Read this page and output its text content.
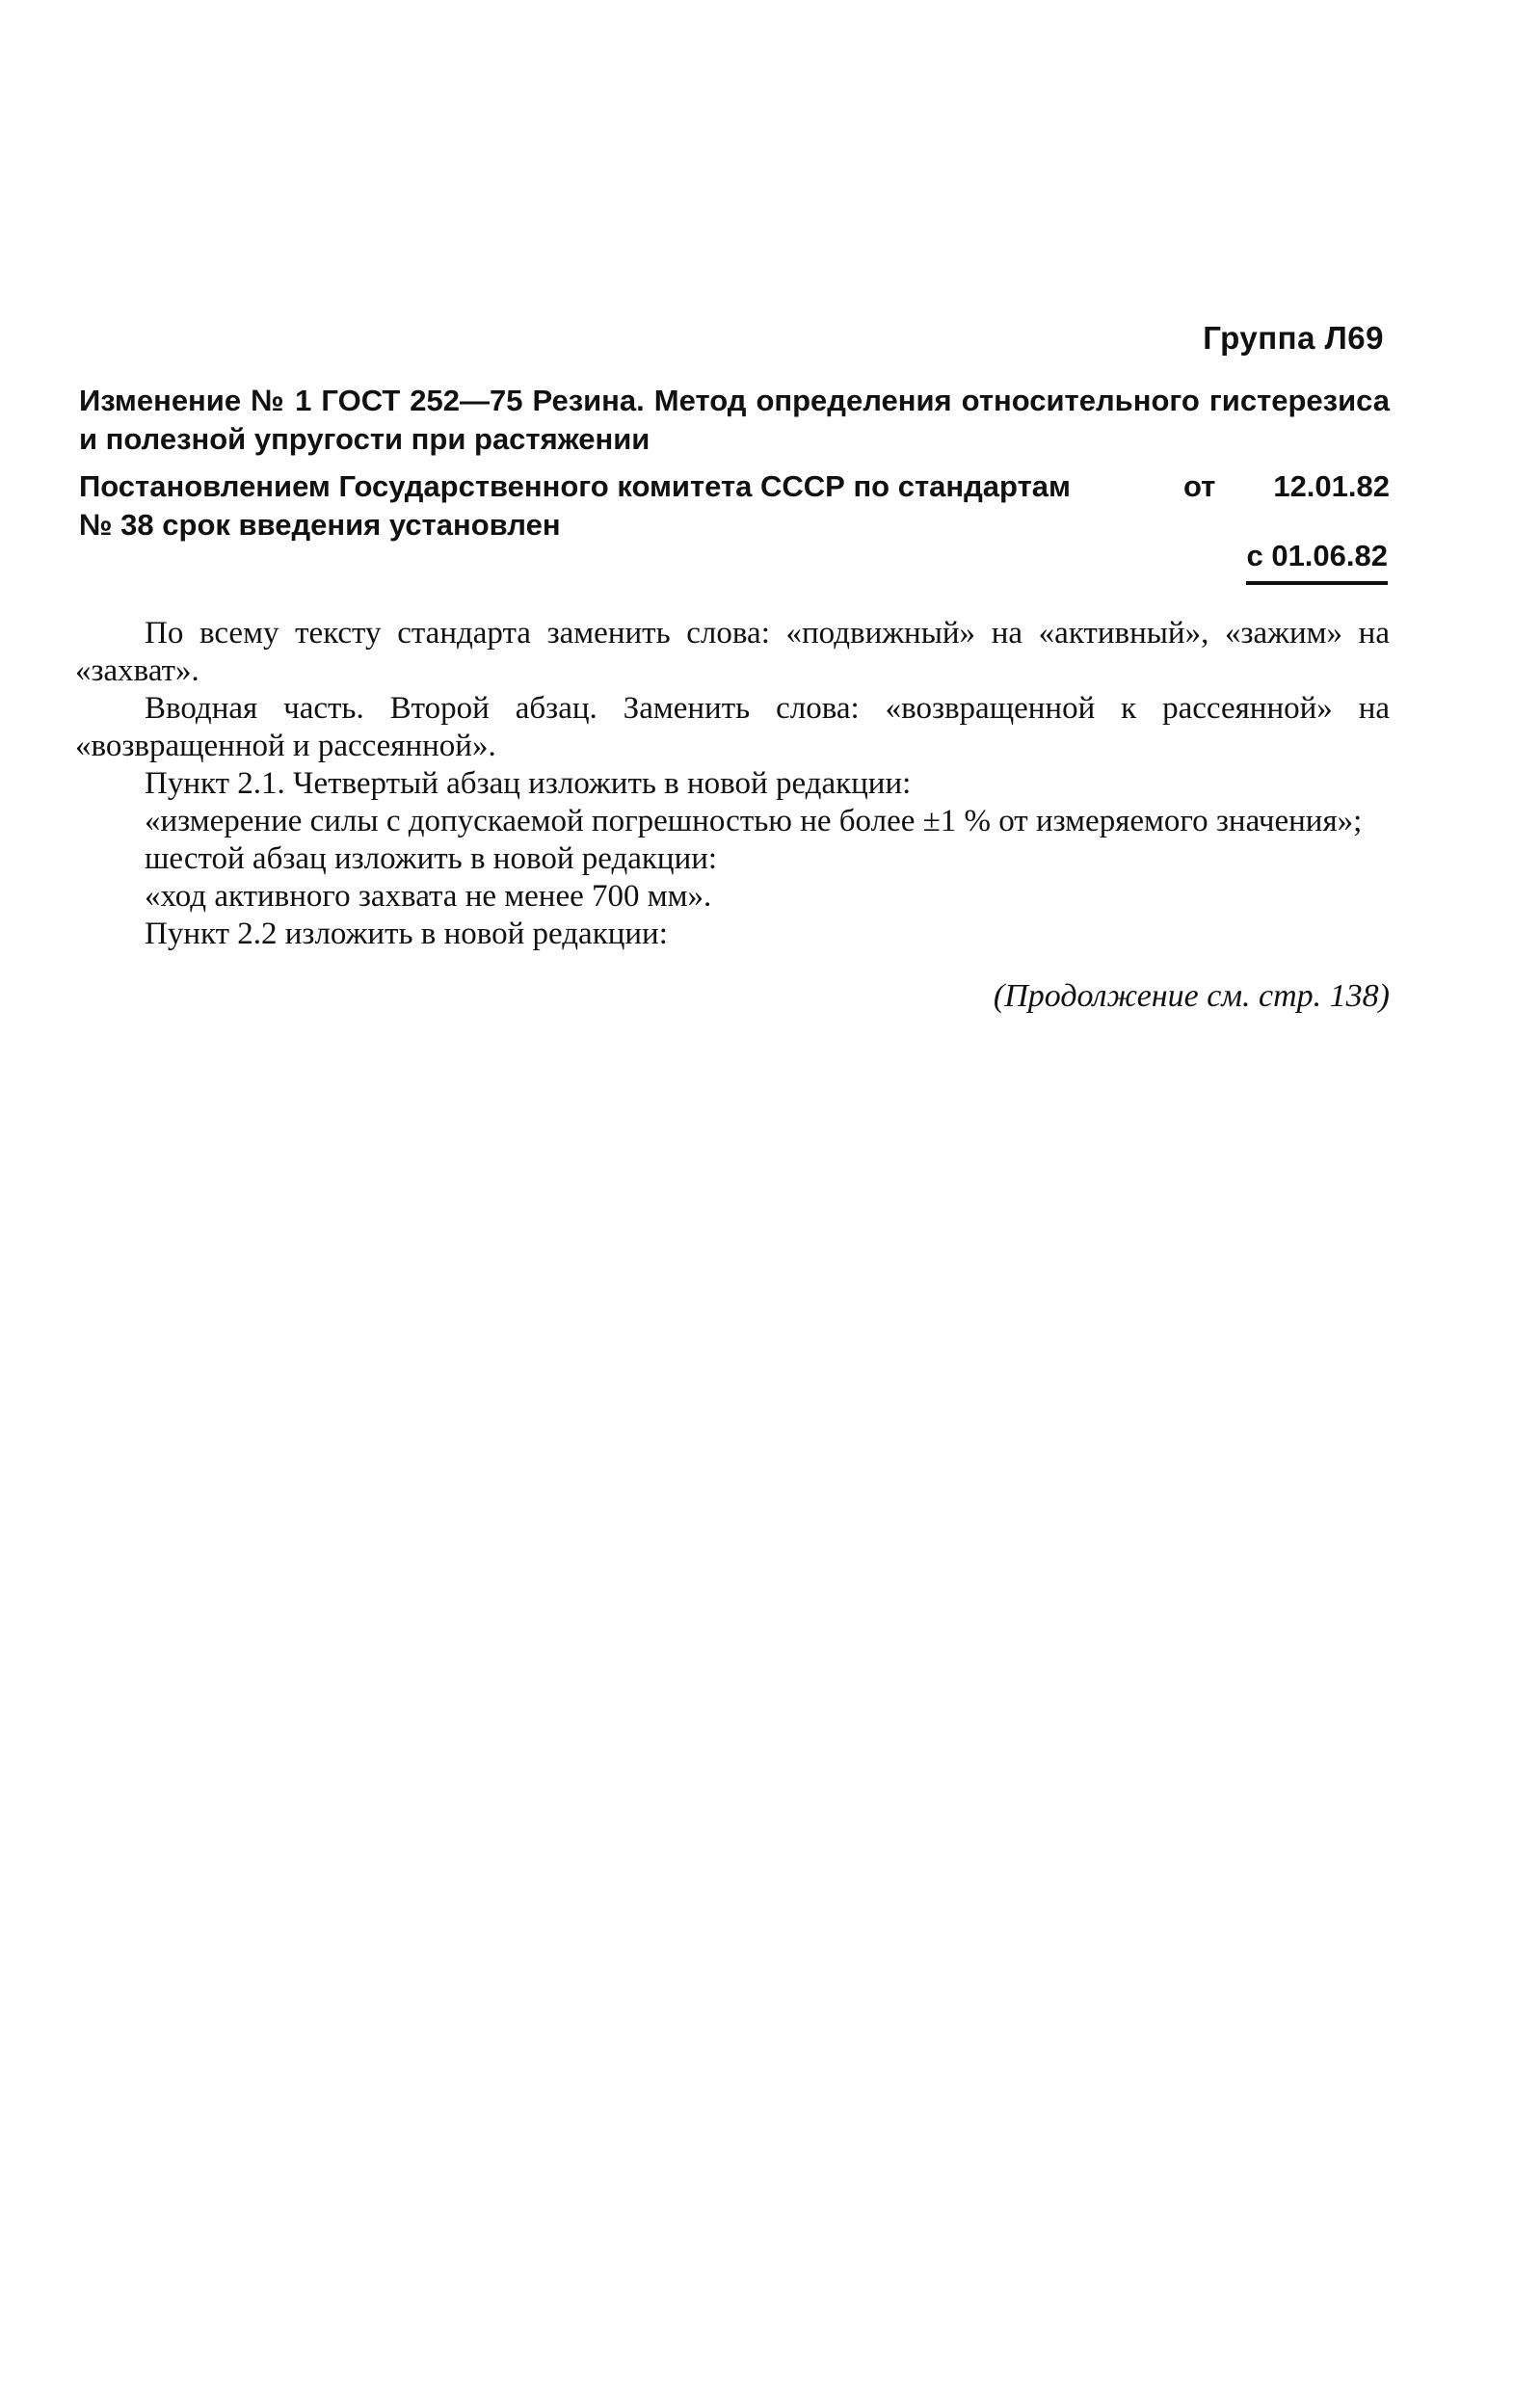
Группа Л69
Изменение № 1 ГОСТ 252—75 Резина. Метод определения относительного гистерезиса и полезной упругости при растяжении
Постановлением Государственного комитета СССР по стандартам	от 12.01.82
№ 38 срок введения установлен
с 01.06.82

По всему тексту стандарта заменить слова: «подвижный» на «активный», «зажим» на «захват».

Вводная часть. Второй абзац. Заменить слова: «возвращенной к рассеянной» на «возвращенной и рассеянной».

Пункт 2.1. Четвертый абзац изложить в новой редакции:

«измерение силы с допускаемой погрешностью не более ±1 % от измеряемого значения»;

шестой абзац изложить в новой редакции:

«ход активного захвата не менее 700 мм».

Пункт 2.2 изложить в новой редакции:

(Продолжение см. стр. 138)
